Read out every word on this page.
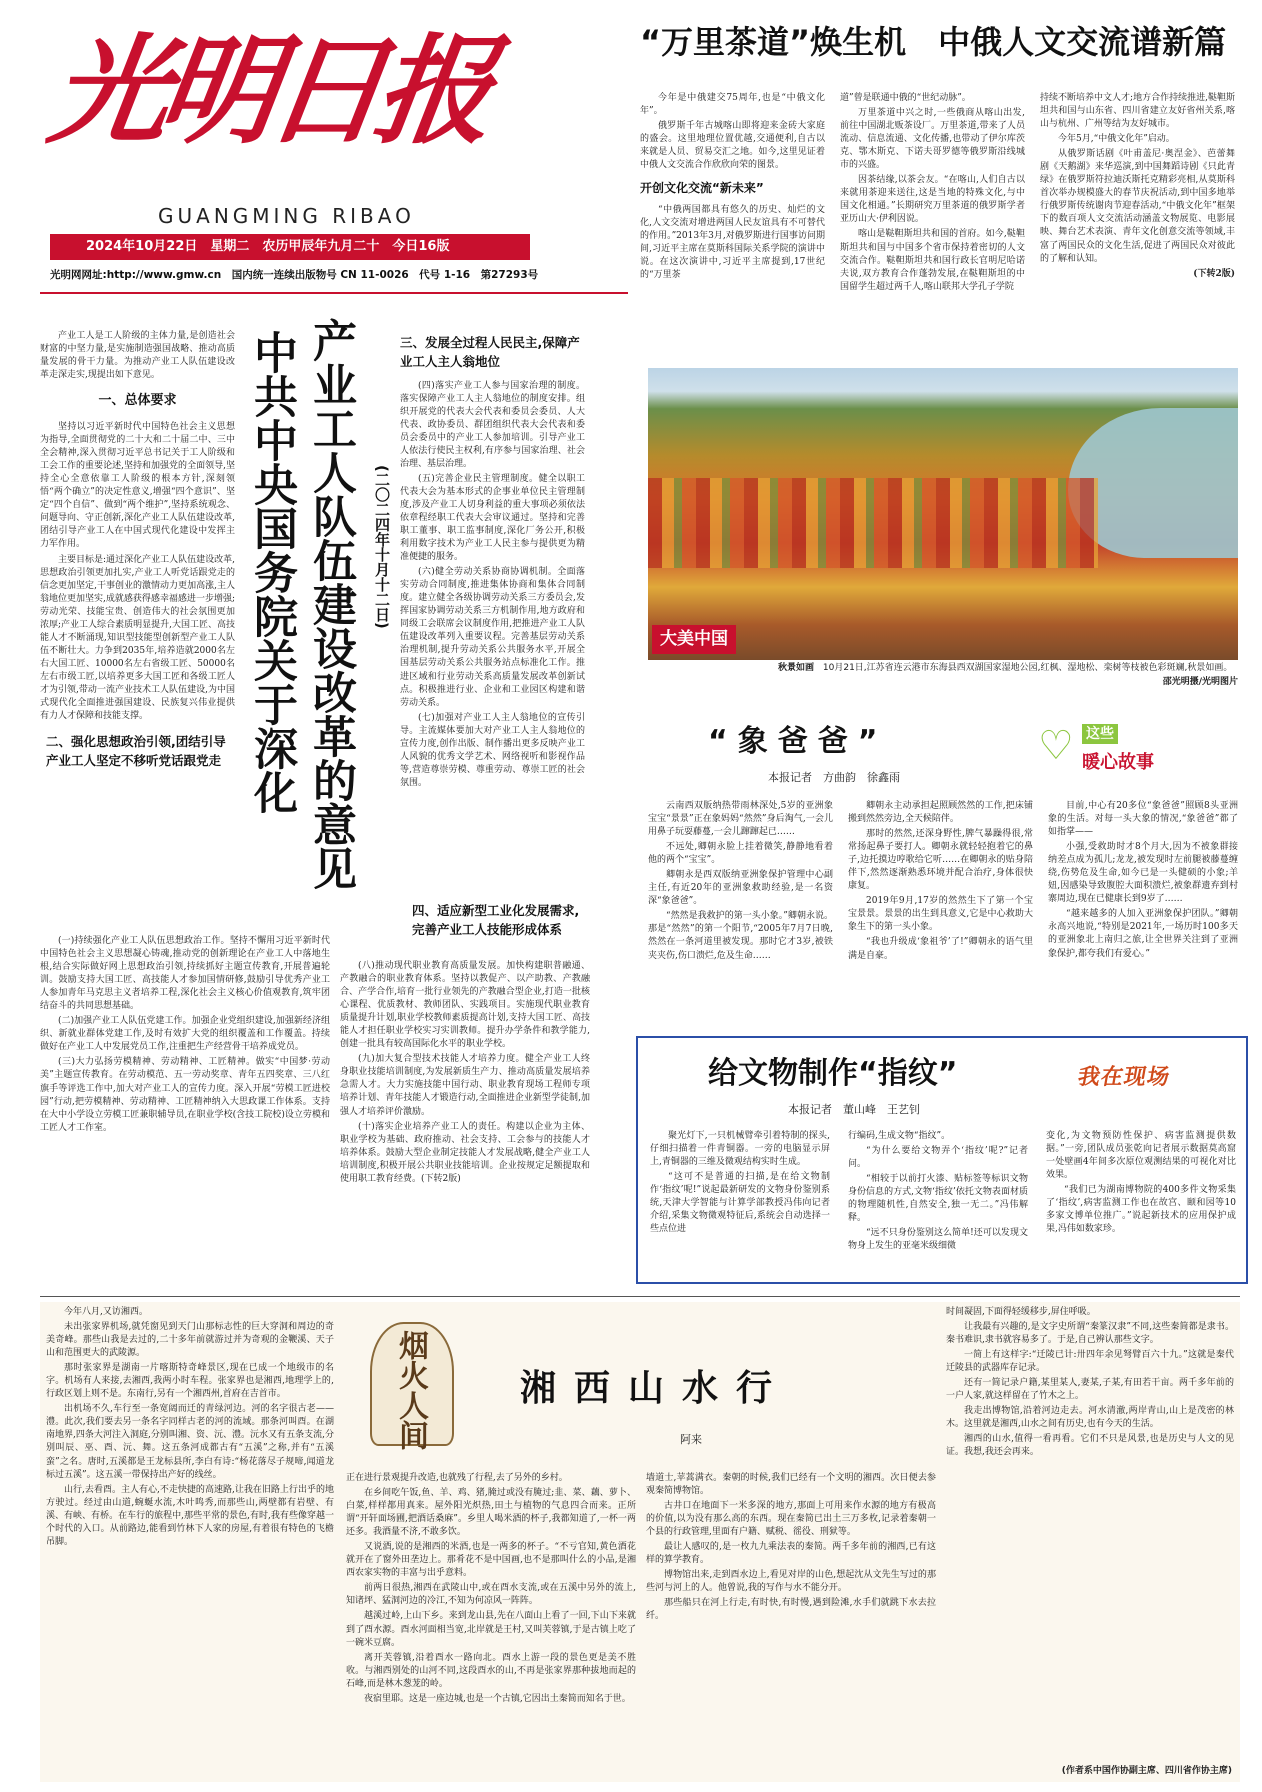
光明日报
GUANGMING RIBAO
2024年10月22日　星期二　农历甲辰年九月二十　今日16版
光明网网址:http://www.gmw.cn　国内统一连续出版物号 CN 11-0026　代号 1-16　第27293号
“万里茶道”焕生机　中俄人文交流谱新篇

今年是中俄建交75周年,也是“中俄文化年”。

俄罗斯千年古城喀山即将迎来金砖大家庭的盛会。这里地理位置优越,交通便利,自古以来就是人员、贸易交汇之地。如今,这里见证着中俄人文交流合作欣欣向荣的图景。

开创文化交流“新未来”

“中俄两国都具有悠久的历史、灿烂的文化,人文交流对增进两国人民友谊具有不可替代的作用。”2013年3月,对俄罗斯进行国事访问期间,习近平主席在莫斯科国际关系学院的演讲中说。在这次演讲中,习近平主席提到,17世纪的“万里茶

道”曾是联通中俄的“世纪动脉”。

万里茶道中兴之时,一些俄商从喀山出发,前往中国湖北贩茶设厂。万里茶道,带来了人员流动、信息流通、文化传播,也带动了伊尔库茨克、鄂木斯克、下诺夫哥罗德等俄罗斯沿线城市的兴盛。

因茶结缘,以茶会友。“在喀山,人们自古以来就用茶迎来送往,这是当地的特殊文化,与中国文化相通。”长期研究万里茶道的俄罗斯学者亚历山大·伊利因说。

喀山是鞑靼斯坦共和国的首府。如今,鞑靼斯坦共和国与中国多个省市保持着密切的人文交流合作。鞑靼斯坦共和国行政长官明尼哈诺夫说,双方教育合作蓬勃发展,在鞑靼斯坦的中国留学生超过两千人,喀山联邦大学孔子学院

持续不断培养中文人才;地方合作持续推进,鞑靼斯坦共和国与山东省、四川省建立友好省州关系,喀山与杭州、广州等结为友好城市。

今年5月,“中俄文化年”启动。

从俄罗斯话剧《叶甫盖尼·奥涅金》、芭蕾舞剧《天鹅湖》来华巡演,到中国舞蹈诗剧《只此青绿》在俄罗斯符拉迪沃斯托克精彩亮相,从莫斯科首次举办规模盛大的春节庆祝活动,到中国多地举行俄罗斯传统谢肉节迎春活动,“中俄文化年”框架下的数百项人文交流活动涵盖文物展览、电影展映、舞台艺术表演、青年文化创意交流等领域,丰富了两国民众的文化生活,促进了两国民众对彼此的了解和认知。

(下转2版)
大美中国
秋景如画 10月21日,江苏省连云港市东海县西双湖国家湿地公园,红枫、湿地松、栾树等枝被色彩斑斓,秋景如画。
邵光明摄/光明图片

产业工人是工人阶级的主体力量,是创造社会财富的中坚力量,是实施制造强国战略、推动高质量发展的骨干力量。为推动产业工人队伍建设改革走深走实,现提出如下意见。

一、总体要求

坚持以习近平新时代中国特色社会主义思想为指导,全面贯彻党的二十大和二十届二中、三中全会精神,深入贯彻习近平总书记关于工人阶级和工会工作的重要论述,坚持和加强党的全面领导,坚持全心全意依靠工人阶级的根本方针,深刻领悟“两个确立”的决定性意义,增强“四个意识”、坚定“四个自信”、做到“两个维护”,坚持系统观念、问题导向、守正创新,深化产业工人队伍建设改革,团结引导产业工人在中国式现代化建设中发挥主力军作用。

主要目标是:通过深化产业工人队伍建设改革,思想政治引领更加扎实,产业工人听党话跟党走的信念更加坚定,干事创业的激情动力更加高涨,主人翁地位更加坚实,成就感获得感幸福感进一步增强;劳动光荣、技能宝贵、创造伟大的社会氛围更加浓厚;产业工人综合素质明显提升,大国工匠、高技能人才不断涌现,知识型技能型创新型产业工人队伍不断壮大。力争到2035年,培养造就2000名左右大国工匠、10000名左右省级工匠、50000名左右市级工匠,以培养更多大国工匠和各级工匠人才为引领,带动一流产业技术工人队伍建设,为中国式现代化全面推进强国建设、民族复兴伟业提供有力人才保障和技能支撑。

二、强化思想政治引领,团结引导产业工人坚定不移听党话跟党走

(一)持续强化产业工人队伍思想政治工作。坚持不懈用习近平新时代中国特色社会主义思想凝心铸魂,推动党的创新理论在产业工人中落地生根,结合实际做好网上思想政治引领,持续抓好主题宣传教育,开展普遍轮训。鼓励支持大国工匠、高技能人才参加国情研修,鼓励引导优秀产业工人参加青年马克思主义者培养工程,深化社会主义核心价值观教育,筑牢团结奋斗的共同思想基础。

(二)加强产业工人队伍党建工作。加强企业党组织建设,加强新经济组织、新就业群体党建工作,及时有效扩大党的组织覆盖和工作覆盖。持续做好在产业工人中发展党员工作,注重把生产经营骨干培养成党员。

(三)大力弘扬劳模精神、劳动精神、工匠精神。做实“中国梦·劳动美”主题宣传教育。在劳动模范、五一劳动奖章、青年五四奖章、三八红旗手等评选工作中,加大对产业工人的宣传力度。深入开展“劳模工匠进校园”行动,把劳模精神、劳动精神、工匠精神纳入大思政课工作体系。支持在大中小学设立劳模工匠兼职辅导员,在职业学校(含技工院校)设立劳模和工匠人才工作室。

中共中央国务院关于深化 产业工人队伍建设改革的意见 (二〇二四年十月十二日)
三、发展全过程人民民主,保障产业工人主人翁地位

(四)落实产业工人参与国家治理的制度。落实保障产业工人主人翁地位的制度安排。组织开展党的代表大会代表和委员会委员、人大代表、政协委员、群团组织代表大会代表和委员会委员中的产业工人参加培训。引导产业工人依法行使民主权利,有序参与国家治理、社会治理、基层治理。

(五)完善企业民主管理制度。健全以职工代表大会为基本形式的企事业单位民主管理制度,涉及产业工人切身利益的重大事项必须依法依章程经职工代表大会审议通过。坚持和完善职工董事、职工监事制度,深化厂务公开,积极利用数字技术为产业工人民主参与提供更为精准便捷的服务。

(六)健全劳动关系协商协调机制。全面落实劳动合同制度,推进集体协商和集体合同制度。建立健全各级协调劳动关系三方委员会,发挥国家协调劳动关系三方机制作用,地方政府和同级工会联席会议制度作用,把推进产业工人队伍建设改革列入重要议程。完善基层劳动关系治理机制,提升劳动关系公共服务水平,开展全国基层劳动关系公共服务站点标准化工作。推进区域和行业劳动关系高质量发展改革创新试点。积极推进行业、企业和工业园区构建和谐劳动关系。

(七)加强对产业工人主人翁地位的宣传引导。主流媒体要加大对产业工人主人翁地位的宣传力度,创作出版、制作播出更多反映产业工人风貌的优秀文学艺术、网络视听和影视作品等,营造尊崇劳模、尊重劳动、尊崇工匠的社会氛围。

四、适应新型工业化发展需求,完善产业工人技能形成体系

(八)推动现代职业教育高质量发展。加快构建职普融通、产教融合的职业教育体系。坚持以教促产、以产助教、产教融合、产学合作,培育一批行业领先的产教融合型企业,打造一批核心课程、优质教材、教师团队、实践项目。实施现代职业教育质量提升计划,职业学校教师素质提高计划,支持大国工匠、高技能人才担任职业学校实习实训教师。提升办学条件和教学能力,创建一批具有较高国际化水平的职业学校。

(九)加大复合型技术技能人才培养力度。健全产业工人终身职业技能培训制度,为发展新质生产力、推动高质量发展培养急需人才。大力实施技能中国行动、职业教育现场工程师专项培养计划、青年技能人才锻造行动,全面推进企业新型学徒制,加强人才培养评价激励。

(十)落实企业培养产业工人的责任。构建以企业为主体、职业学校为基础、政府推动、社会支持、工会参与的技能人才培养体系。鼓励大型企业制定技能人才发展战略,健全产业工人培训制度,积极开展公共职业技能培训。企业按规定足额提取和使用职工教育经费。(下转2版)

“象爸爸”
本报记者　方曲韵　徐鑫雨
♡ 这些
暖心故事

云南西双版纳热带雨林深处,5岁的亚洲象宝宝“景景”正在象妈妈“然然”身后淘气,一会儿用鼻子玩耍藤蔓,一会儿蹿蹿起已……

不远处,卿朝永脸上挂着微笑,静静地看着他的两个“宝宝”。

卿朝永是西双版纳亚洲象保护管理中心副主任,有近20年的亚洲象救助经验,是一名资深“象爸爸”。

“然然是我救护的第一头小象。”卿朝永说。那是“然然”的第一个阳节,“2005年7月7日晚,然然在一条河道里被发现。那时它才3岁,被铁夹夹伤,伤口溃烂,危及生命……

卿朝永主动承担起照顾然然的工作,把床铺搬到然然旁边,全天候陪伴。

那时的然然,还深身野性,脾气暴躁得很,常常扬起鼻子要打人。卿朝永就轻轻抱着它的鼻子,边托摸边哼歌给它听……在卿朝永的贴身陪伴下,然然逐渐熟悉环境并配合治疗,身体很快康复。

2019年9月,17岁的然然生下了第一个宝宝景景。景景的出生到具意义,它是中心救助大象生下的第一头小象。

“我也升级成‘象祖爷’了!”卿朝永的语气里满是自豪。

目前,中心有20多位“象爸爸”照顾8头亚洲象的生活。对每一头大象的情况,“象爸爸”都了如指掌——

小强,受救助时才8个月大,因为不被象群接纳差点成为孤儿;龙龙,被发现时左前腿被藤蔓缠绕,伤势危及生命,如今已是一头健硕的小象;羊妞,因感染导致腹腔大面积溃烂,被象群遗弃到村寨周边,现在已健康长到9岁了……

“越来越多的人加入亚洲象保护团队。”卿朝永高兴地说,“特别是2021年,一场历时100多天的亚洲象北上南归之旅,让全世界关注到了亚洲象保护,都夸我们有爱心。”

给文物制作“指纹”
本报记者　董山峰　王艺钊
我在现场

聚光灯下,一只机械臂牵引着特制的探头,仔细扫描着一件青铜器。一旁的电脑显示屏上,青铜器的三维及微观结构实时生成。

“这可不是普通的扫描,是在给文物制作‘指纹’呢!”说起最新研发的文物身份鉴别系统,天津大学智能与计算学部教授冯伟向记者介绍,采集文物微观特征后,系统会自动选择一些点位进

行编码,生成文物“指纹”。

“为什么要给文物弄个‘指纹’呢?”记者问。

“相较于以前打火漆、贴标签等标识文物身份信息的方式,文物‘指纹’依托文物表面材质的物理随机性,自然安全,独一无二。”冯伟解释。

“远不只身份鉴别这么简单!还可以发现文物身上发生的亚毫米级细微

变化,为文物预防性保护、病害监测提供数据。”一旁,团队成员张乾向记者展示数据莫高窟一处壁画4年间多次原位观测结果的可视化对比效果。

“我们已为湖南博物院的400多件文物采集了‘指纹’,病害监测工作也在故宫、颐和园等10多家文博单位推广。”说起新技术的应用保护成果,冯伟如数家珍。

烟火人间	湘西山水行
阿来

今年八月,又访湘西。

未出张家界机场,就凭窗见到天门山那标志性的巨大穿洞和周边的奇美奇峰。那些山我是去过的,二十多年前就游过并为奇观的金鞭溪、天子山和范围更大的武陵源。

那时张家界是湖南一片喀斯特奇峰景区,现在已成一个地级市的名字。机场有人来接,去湘西,我两小时车程。张家界也是湘西,地理学上的,行政区划上则不是。东南行,另有一个湘西州,首府在吉首市。

出机场不久,车行至一条宽阔而迁的青绿河边。河的名字很古老——澧。此次,我们要去另一条名字同样古老的河的流域。那条河叫酉。在湖南地界,四条大河注入洞庭,分别叫湘、资、沅、澧。沅水又有五条支流,分别叫辰、巫、酉、沅、舞。这五条河成都古有“五溪”之称,并有“五溪蛮”之名。唐时,五溪都是王龙标县所,李白有诗:“杨花落尽子规啼,闻道龙标过五溪”。这五溪一带保持出产好的线丝。

山行,去看酉。主人有心,不走快捷的高速路,让我在旧路上行出乎的地方驶过。经过由山道,蜿蜒水流,木叶鸣秀,而那些山,两壁都有岩壁、有溪、有峡、有桥。在车行的旅程中,那些平常的景色,有时,我有些像穿越一个时代的入口。从前路边,能看到竹林下人家的房屋,有着很有特色的飞檐吊脚。

正在进行景观提升改造,也就残了行程,去了另外的乡村。

在乡间吃午饭,鱼、羊、鸡、猪,腌过或没有腌过;韭、菜、藕、萝卜、白菜,样样都用真来。屋外阳光炽热,田土与植物的气息四合而来。正所谓“开轩面场圃,把酒话桑麻”。乡里人喝米酒的杯子,我都知道了,一杯一两还多。我酒量不济,不敢多饮。

又说酒,说的是湘西的米酒,也是一两多的杯子。“不亏官知,黄色酒花就开在了窗外田垄边上。那肴花不是中国画,也不是那叫什么的小品,是湘西农家实物的丰富与出乎意料。

前两日很热,湘西在武陵山中,或在酉水支流,或在五溪中另外的流上,知诸坪、猛洞河边的冷江,不知为何凉风一阵阵。

越溪过岭,上山下乡。来到龙山县,先在八面山上看了一回,下山下来就到了酉水源。酉水河面相当宽,北岸就是王村,又叫芙蓉镇,于是古镇上吃了一碗米豆腐。

离开芙蓉镇,沿着酉水一路向北。酉水上游一段的景色更是美不胜收。与湘西别处的山河不同,这段酉水的山,不再是张家界那种拔地而起的石峰,而是林木葱茏的岭。

夜宿里耶。这是一座边城,也是一个古镇,它因出土秦简而知名于世。

墙道士,苹蒿满衣。秦朝的时候,我们已经有一个文明的湘西。次日便去参观秦简博物馆。

古井口在地面下一米多深的地方,那面上可用来作水源的地方有极高的价值,以为没有那么高的东西。现在秦简已出土三万多枚,记录着秦朝一个县的行政管理,里面有户籍、赋税、徭役、刑狱等。

最让人感叹的,是一枚九九乘法表的秦简。两千多年前的湘西,已有这样的算学教育。

博物馆出来,走到酉水边上,看见对岸的山色,想起沈从文先生写过的那些河与河上的人。他曾说,我的写作与水不能分开。

那些船只在河上行走,有时快,有时慢,遇到险滩,水手们就跳下水去拉纤。

时间凝固,下面得轻缓移步,屏住呼吸。

让我最有兴趣的,是文字史所谓“秦篆汉隶”不同,这些秦简都是隶书。秦书难识,隶书就容易多了。于是,自己辨认那些文字。

一简上有这样字:“迁陵已计:卅四年余见弩臂百六十九。”这就是秦代迁陵县的武器库存记录。

还有一简记录户籍,某里某人,妻某,子某,有田若干亩。两千多年前的一户人家,就这样留在了竹木之上。

我走出博物馆,沿着河边走去。河水清澈,两岸青山,山上是茂密的林木。这里就是湘西,山水之间有历史,也有今天的生活。

湘西的山水,值得一看再看。它们不只是风景,也是历史与人文的见证。我想,我还会再来。

(作者系中国作协副主席、四川省作协主席)
